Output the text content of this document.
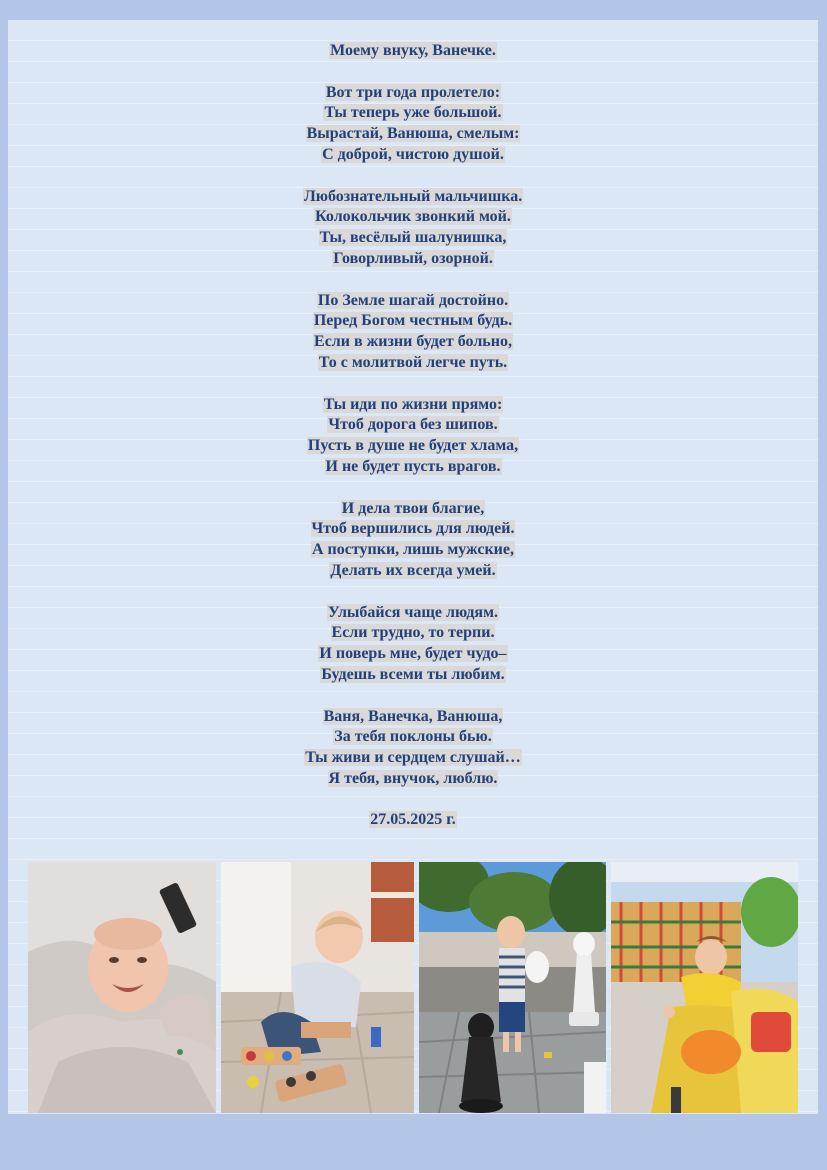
Моему внуку, Ванечке.
Вот три года пролетело:
Ты теперь уже большой.
Вырастай, Ванюша, смелым:
С доброй, чистою душой.
Любознательный мальчишка.
Колокольчик звонкий мой.
Ты, весёлый шалунишка,
Говорливый, озорной.
По Земле шагай достойно.
Перед Богом честным будь.
Если в жизни будет больно,
То с молитвой легче путь.
Ты иди по жизни прямо:
Чтоб дорога без шипов.
Пусть в душе не будет хлама,
И не будет пусть врагов.
И дела твои благие,
Чтоб вершились для людей.
А поступки, лишь мужские,
Делать их всегда умей.
Улыбайся чаще людям.
Если трудно, то терпи.
И поверь мне, будет чудо–
Будешь всеми ты любим.
Ваня, Ванечка, Ванюша,
За тебя поклоны бью.
Ты живи и сердцем слушай…
Я тебя, внучок, люблю.
27.05.2025 г.
